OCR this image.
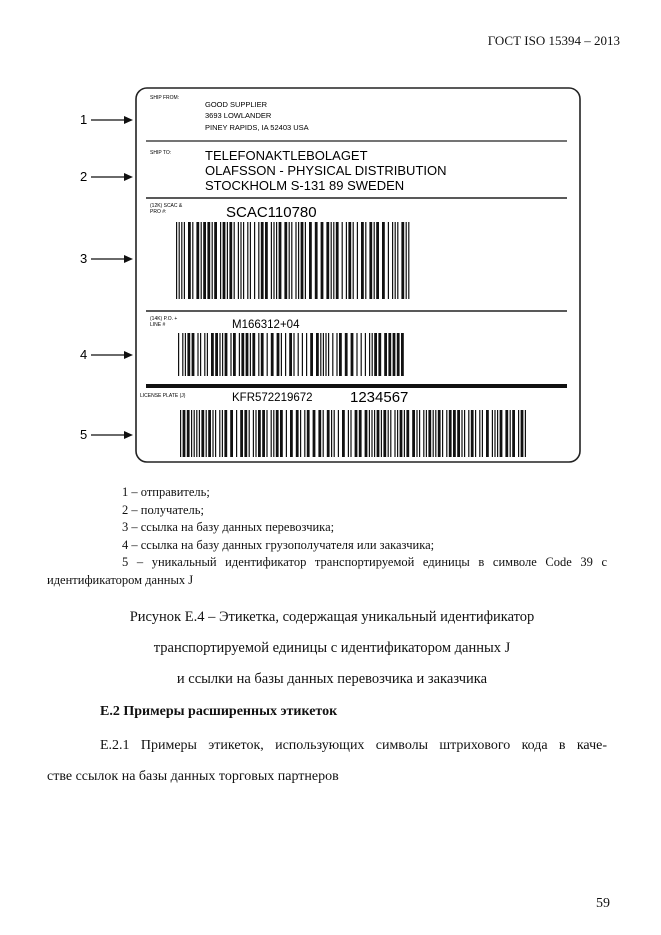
ГОСТ ISO 15394 – 2013
1
2
3
4
5
SHIP FROM:
GOOD SUPPLIER
3693 LOWLANDER
PINEY RAPIDS, IA 52403 USA
SHIP TO:	TELEFONAKTLEBOLAGET
OLAFSSON - PHYSICAL DISTRIBUTION
STOCKHOLM S-131 89 SWEDEN
(12K) SCAC &
PRO #:	SCAC110780
(14K) P.O. +
LINE #	M166312+04
LICENSE PLATE (J)	KFR572219672 1234567
1 – отправитель;
2 – получатель;
3 – ссылка на базу данных перевозчика;
4 – ссылка на базу данных грузополучателя или заказчика;
5 – уникальный идентификатор транспортируемой единицы в символе Code 39 с
идентификатором данных J
Рисунок Е.4 – Этикетка, содержащая уникальный идентификатор
транспортируемой единицы с идентификатором данных J
и ссылки на базы данных перевозчика и заказчика
Е.2 Примеры расширенных этикеток
Е.2.1 Примеры этикеток, использующих символы штрихового кода в каче-
стве ссылок на базы данных торговых партнеров
59
